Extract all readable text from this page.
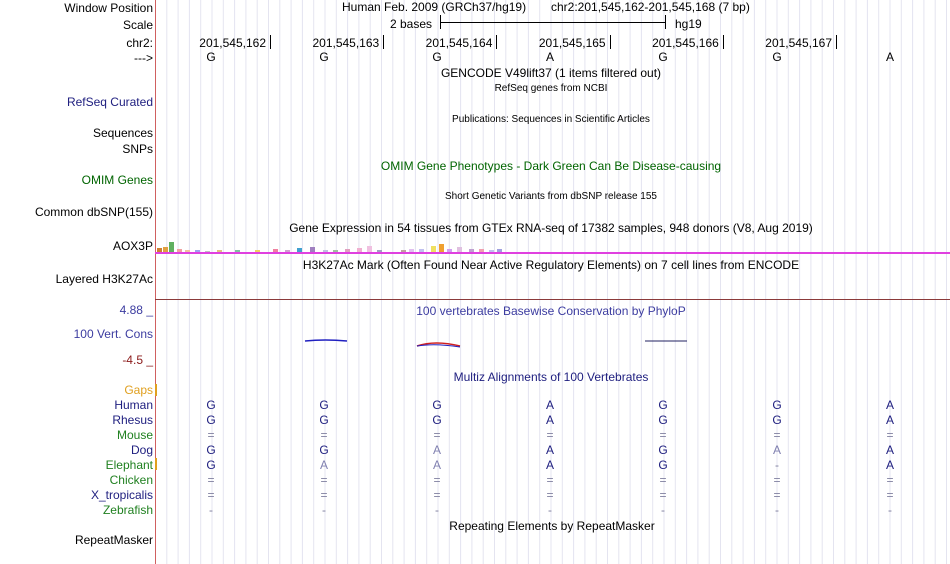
Window Position
Scale
chr2:
--->
Human Feb. 2009 (GRCh37/hg19) chr2:201,545,162-201,545,168 (7 bp)
2 bases	hg19
201,545,162	201,545,163	201,545,164	201,545,165	201,545,166	201,545,167
G	G	G	A	G	G	A
GENCODE V49lift37 (1 items filtered out)
RefSeq genes from NCBI
RefSeq Curated
Publications: Sequences in Scientific Articles
Sequences
SNPs
OMIM Gene Phenotypes - Dark Green Can Be Disease-causing
OMIM Genes
Short Genetic Variants from dbSNP release 155
Common dbSNP(155)
Gene Expression in 54 tissues from GTEx RNA-seq of 17382 samples, 948 donors (V8, Aug 2019)
AOX3P
H3K27Ac Mark (Often Found Near Active Regulatory Elements) on 7 cell lines from ENCODE
Layered H3K27Ac
100 vertebrates Basewise Conservation by PhyloP
4.88 _
100 Vert. Cons
-4.5 _
Multiz Alignments of 100 Vertebrates
Gaps
Human	G	G	G	A	G	G	A
Rhesus	G	G	G	A	G	G	A
Mouse	=	=	=	=	=	=	=
Dog	G	G	A	A	G	A	A
Elephant	G	A	A	A	G	-	A
Chicken	=	=	=	=	=	=	=
X_tropicalis	=	=	=	=	=	=	=
Zebrafish	-	-	-	-	-	-	-
Repeating Elements by RepeatMasker
RepeatMasker
